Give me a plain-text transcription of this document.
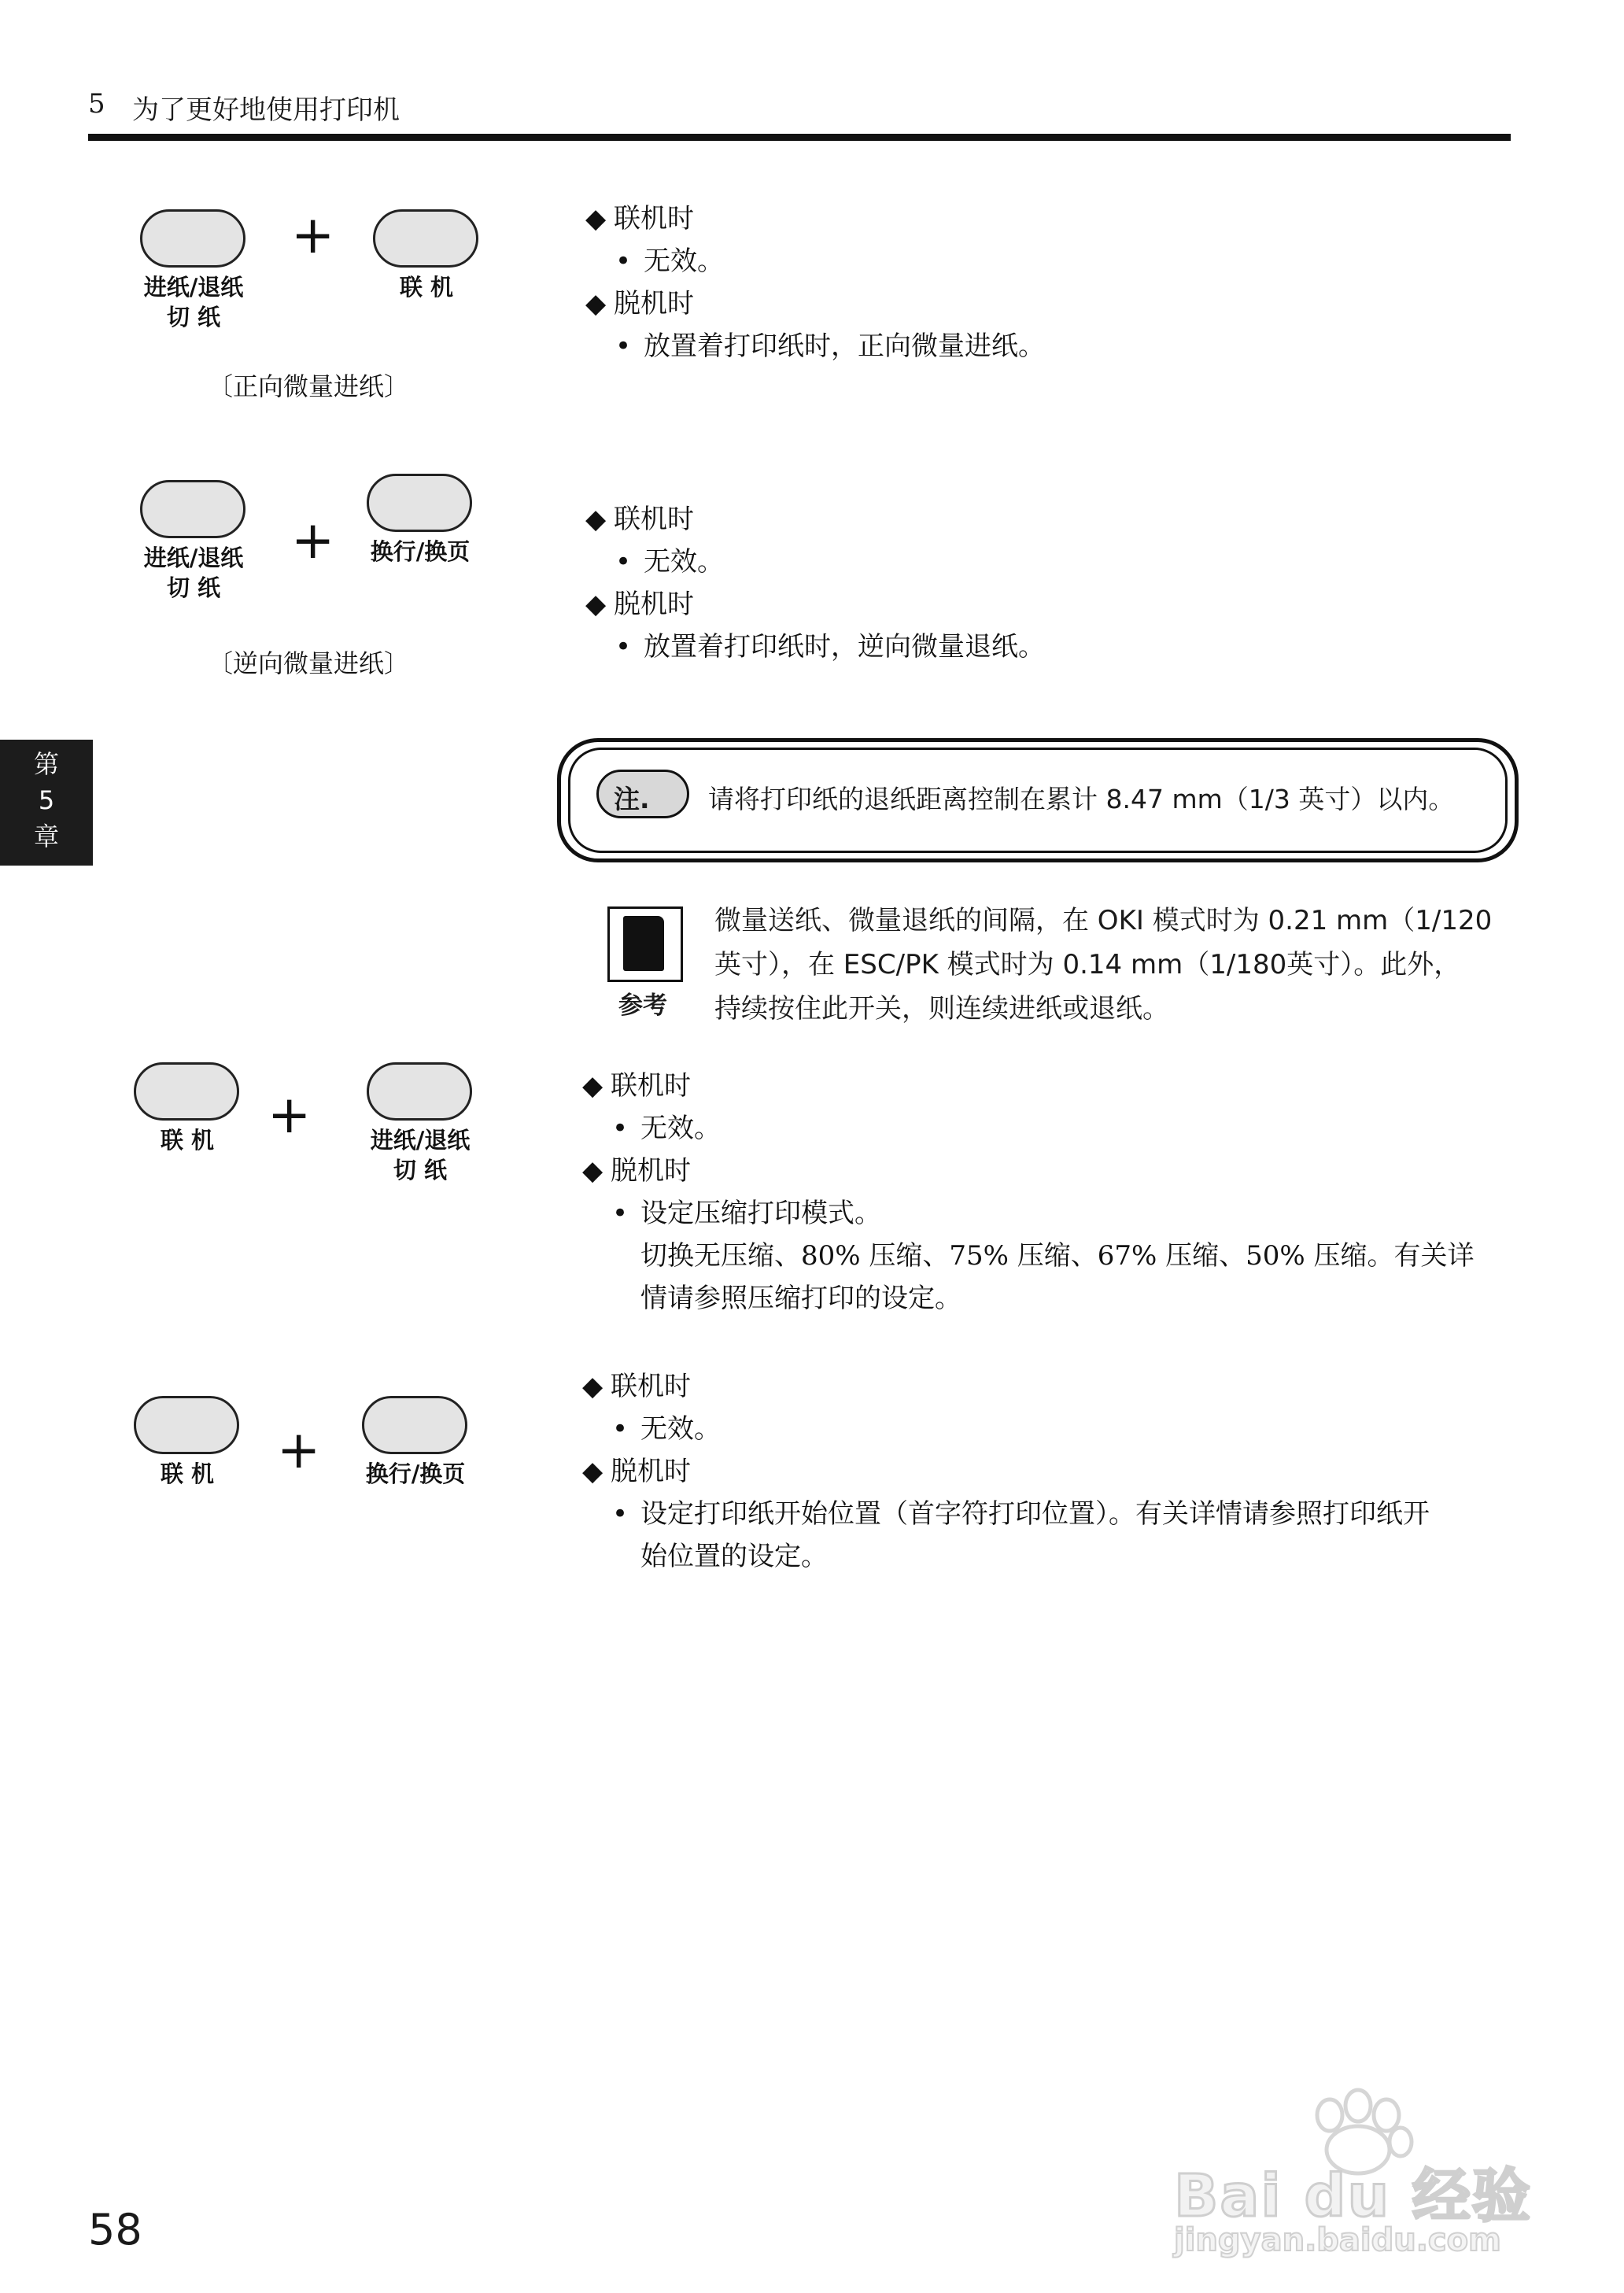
5 为了更好地使用打印机
第
5
章
进纸/退纸
切 纸
+
联 机
〔正向微量进纸〕
◆ 联机时
• 无效。
◆ 脱机时
• 放置着打印纸时，正向微量进纸。
进纸/退纸
切 纸
+	换行/换页
〔逆向微量进纸〕
◆ 联机时
• 无效。
◆ 脱机时
• 放置着打印纸时，逆向微量退纸。
注. 请将打印纸的退纸距离控制在累计 8.47 mm（1/3 英寸）以内。
参考
微量送纸、微量退纸的间隔，在 OKI 模式时为 0.21 mm（1/120
英寸），在 ESC/PK 模式时为 0.14 mm（1/180英寸）。此外，
持续按住此开关，则连续进纸或退纸。
联 机	+	进纸/退纸
切 纸
◆ 联机时
• 无效。
◆ 脱机时
• 设定压缩打印模式。
切换无压缩、80% 压缩、75% 压缩、67% 压缩、50% 压缩。有关详
情请参照压缩打印的设定。
联 机	+	换行/换页
◆ 联机时
• 无效。
◆ 脱机时
• 设定打印纸开始位置（首字符打印位置）。有关详情请参照打印纸开
始位置的设定。
58	Bai du 经验
jingyan.baidu.com
